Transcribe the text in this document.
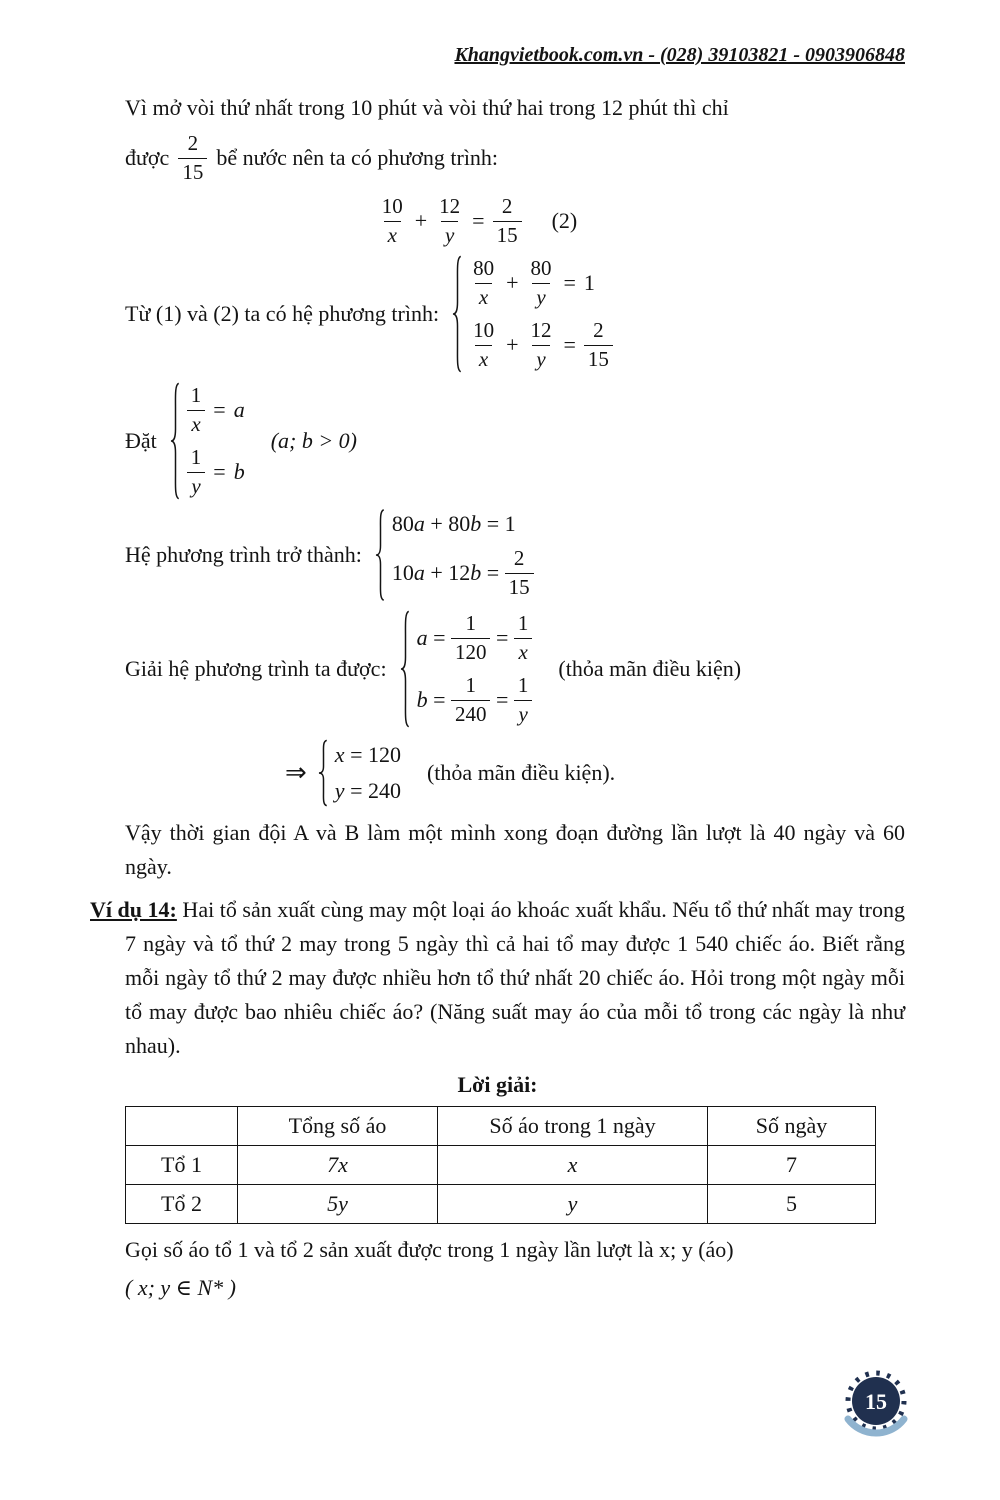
Khangvietbook.com.vn - (028) 39103821 - 0903906848

Vì mở vòi thứ nhất trong 10 phút và vòi thứ hai trong 12 phút thì chỉ

được $\frac{2}{15}$ bể nước nên ta có phương trình:
$\frac{10}{x} + \frac{12}{y} = \frac{2}{15} (2)$
Từ (1) và (2) ta có hệ phương trình:
$\frac{80}{x} + \frac{80}{y} = 1$
$\frac{10}{x} + \frac{12}{y} = \frac{2}{15}$
Đặt
$\frac{1}{x} = a$
$\frac{1}{y} = b$
(a; b > 0)
Hệ phương trình trở thành:
80 a + 80 b = 1
10 a + 12 $b = \frac{2}{15}$
Giải hệ phương trình ta được:
$a = \frac{1}{120} = \frac{1}{x}$
$b = \frac{1}{240} = \frac{1}{y}$
(thỏa mãn điều kiện)
⇒
x = 120
y = 240
(thỏa mãn điều kiện).

Vậy thời gian đội A và B làm một mình xong đoạn đường lần lượt là 40 ngày và 60 ngày.

Ví dụ 14: Hai tổ sản xuất cùng may một loại áo khoác xuất khẩu. Nếu tổ thứ nhất may trong 7 ngày và tổ thứ 2 may trong 5 ngày thì cả hai tổ may được 1 540 chiếc áo. Biết rằng mỗi ngày tổ thứ 2 may được nhiều hơn tổ thứ nhất 20 chiếc áo. Hỏi trong một ngày mỗi tổ may được bao nhiêu chiếc áo? (Năng suất may áo của mỗi tổ trong các ngày là như nhau).

Lời giải:
	Tổng số áo	Số áo trong 1 ngày	Số ngày
Tổ 1	7x	x	7
Tổ 2	5y	y	5

Gọi số áo tổ 1 và tổ 2 sản xuất được trong 1 ngày lần lượt là x; y (áo)

( x; y ∈ N* )

15
